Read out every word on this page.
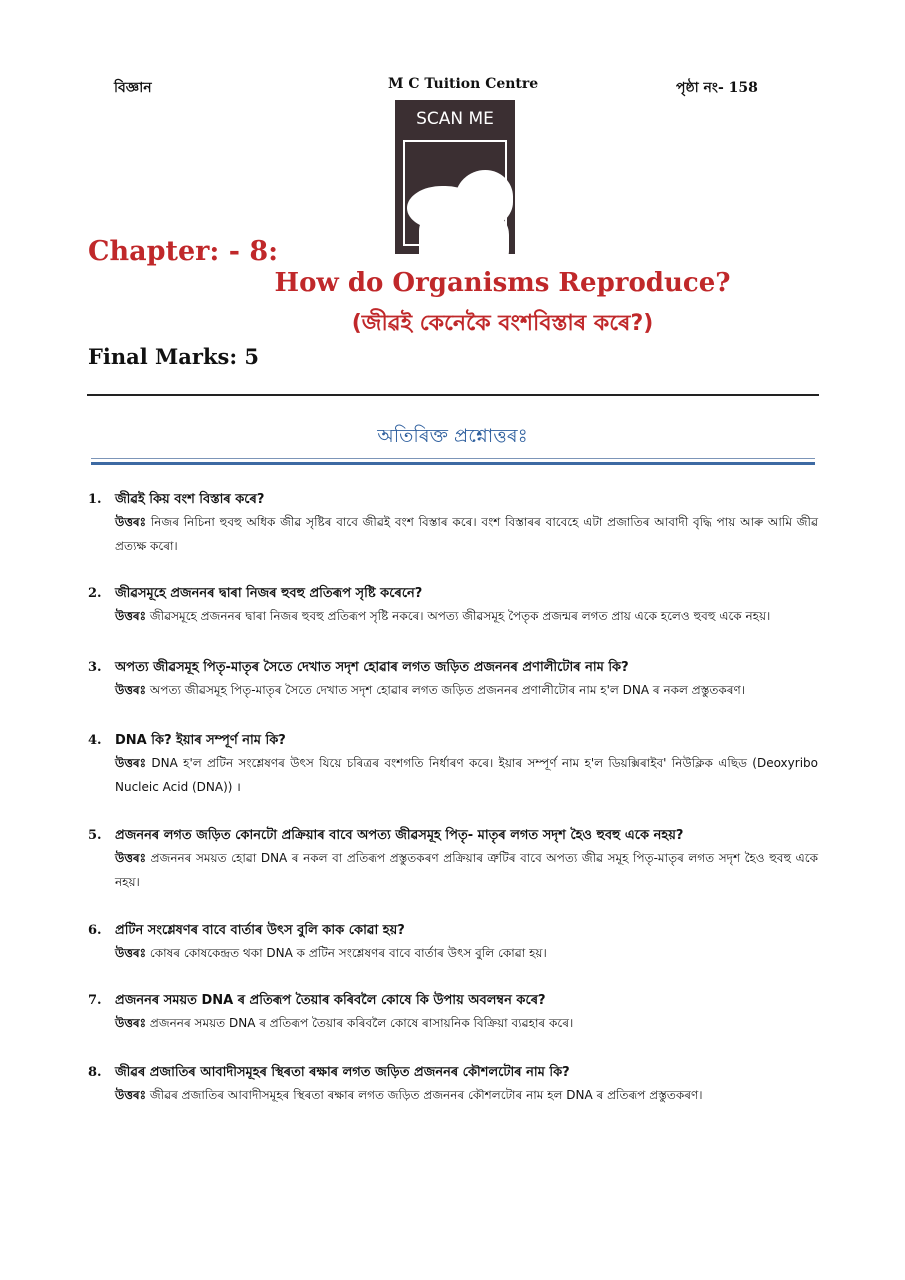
বিজ্ঞান	M C Tuition Centre	পৃষ্ঠা নং- 158
SCAN ME
Chapter: - 8:
How do Organisms Reproduce?
(জীৱই কেনেকৈ বংশবিস্তাৰ কৰে?)
Final Marks: 5
অতিৰিক্ত প্ৰশ্নোত্তৰঃ
1. জীৱই কিয় বংশ বিস্তাৰ কৰে?
উত্তৰঃ নিজৰ নিচিনা হুবহু অধিক জীৱ সৃষ্টিৰ বাবে জীৱই বংশ বিস্তাৰ কৰে। বংশ বিস্তাৰৰ বাবেহে এটা প্ৰজাতিৰ আবাদী বৃদ্ধি পায় আৰু আমি জীৱ প্ৰত্যক্ষ কৰো।
2. জীৱসমূহে প্ৰজননৰ দ্বাৰা নিজৰ হুবহু প্ৰতিৰূপ সৃষ্টি কৰেনে?
উত্তৰঃ জীৱসমূহে প্ৰজননৰ দ্বাৰা নিজৰ হুবহু প্ৰতিৰূপ সৃষ্টি নকৰে। অপত্য জীৱসমূহ পৈতৃক প্ৰজন্মৰ লগত প্ৰায় একে হলেও হুবহু একে নহয়।
3. অপত্য জীৱসমূহ পিতৃ-মাতৃৰ সৈতে দেখাত সদৃশ হোৱাৰ লগত জড়িত প্ৰজননৰ প্ৰণালীটোৰ নাম কি?
উত্তৰঃ অপত্য জীৱসমূহ পিতৃ-মাতৃৰ সৈতে দেখাত সদৃশ হোৱাৰ লগত জড়িত প্ৰজননৰ প্ৰণালীটোৰ নাম হ'ল DNA ৰ নকল প্ৰস্তুতকৰণ।
4. DNA কি? ইয়াৰ সম্পূৰ্ণ নাম কি?
উত্তৰঃ DNA হ'ল প্ৰটিন সংশ্লেষণৰ উৎস যিয়ে চৰিত্ৰৰ বংশগতি নিৰ্ধাৰণ কৰে। ইয়াৰ সম্পূৰ্ণ নাম হ'ল ডিয়ক্সিৰাইব' নিউক্লিক এছিড (Deoxyribo Nucleic Acid (DNA)) ।
5. প্ৰজননৰ লগত জড়িত কোনটো প্ৰক্ৰিয়াৰ বাবে অপত্য জীৱসমূহ পিতৃ- মাতৃৰ লগত সদৃশ হৈও হুবহু একে নহয়?
উত্তৰঃ প্ৰজননৰ সময়ত হোৱা DNA ৰ নকল বা প্ৰতিৰূপ প্ৰস্তুতকৰণ প্ৰক্ৰিয়াৰ ত্ৰুটিৰ বাবে অপত্য জীৱ সমূহ পিতৃ-মাতৃৰ লগত সদৃশ হৈও হুবহু একে নহয়।
6. প্ৰটিন সংশ্লেষণৰ বাবে বাৰ্তাৰ উৎস বুলি কাক কোৱা হয়?
উত্তৰঃ কোষৰ কোষকেন্দ্ৰত থকা DNA ক প্ৰটিন সংশ্লেষণৰ বাবে বাৰ্তাৰ উৎস বুলি কোৱা হয়।
7. প্ৰজননৰ সময়ত DNA ৰ প্ৰতিৰূপ তৈয়াৰ কৰিবলৈ কোষে কি উপায় অবলম্বন কৰে?
উত্তৰঃ প্ৰজননৰ সময়ত DNA ৰ প্ৰতিৰূপ তৈয়াৰ কৰিবলৈ কোষে ৰাসায়নিক বিক্ৰিয়া ব্যৱহাৰ কৰে।
8. জীৱৰ প্ৰজাতিৰ আবাদীসমূহৰ স্থিৰতা ৰক্ষাৰ লগত জড়িত প্ৰজননৰ কৌশলটোৰ নাম কি?
উত্তৰঃ জীৱৰ প্ৰজাতিৰ আবাদীসমূহৰ স্থিৰতা ৰক্ষাৰ লগত জড়িত প্ৰজননৰ কৌশলটোৰ নাম হল DNA ৰ প্ৰতিৰূপ প্ৰস্তুতকৰণ।
